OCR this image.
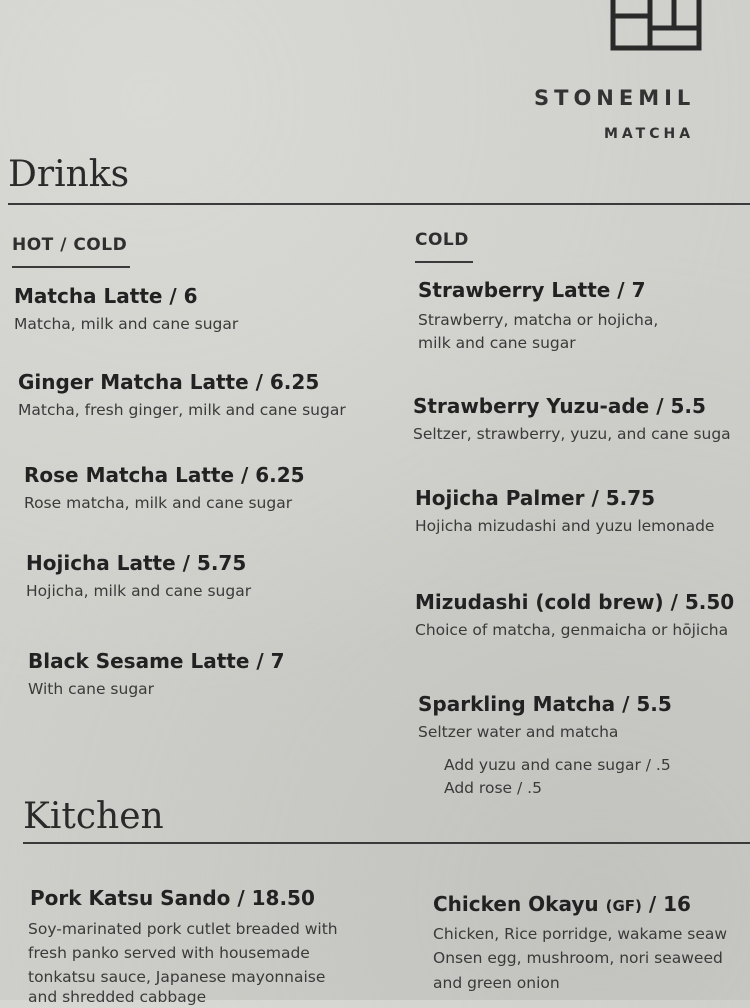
STONEMIL
MATCHA
Drinks
HOT / COLD
Matcha Latte / 6
Matcha, milk and cane sugar
Ginger Matcha Latte / 6.25
Matcha, fresh ginger, milk and cane sugar
Rose Matcha Latte / 6.25
Rose matcha, milk and cane sugar
Hojicha Latte / 5.75
Hojicha, milk and cane sugar
Black Sesame Latte / 7
With cane sugar
COLD
Strawberry Latte / 7
Strawberry, matcha or hojicha,
milk and cane sugar
Strawberry Yuzu-ade / 5.5
Seltzer, strawberry, yuzu, and cane suga
Hojicha Palmer / 5.75
Hojicha mizudashi and yuzu lemonade
Mizudashi (cold brew) / 5.50
Choice of matcha, genmaicha or hōjicha
Sparkling Matcha / 5.5
Seltzer water and matcha
Add yuzu and cane sugar / .5
Add rose / .5
Kitchen
Pork Katsu Sando / 18.50
Soy-marinated pork cutlet breaded with
fresh panko served with housemade
tonkatsu sauce, Japanese mayonnaise
and shredded cabbage
Chicken Okayu (GF) / 16
Chicken, Rice porridge, wakame seaw
Onsen egg, mushroom, nori seaweed
and green onion
